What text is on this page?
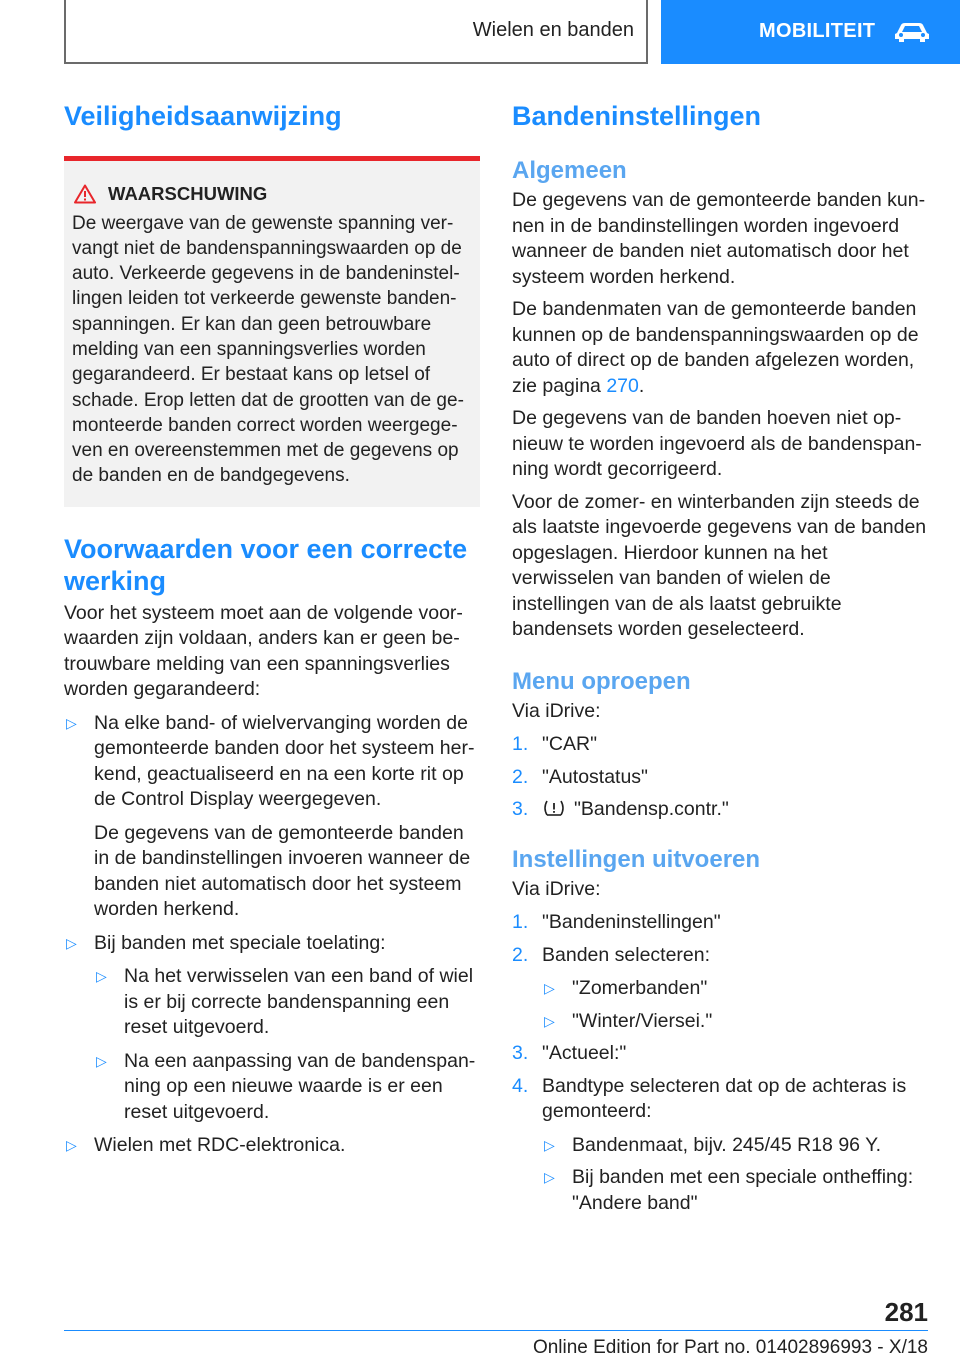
Wielen en banden	MOBILITEIT
Veiligheidsaanwijzing
WAARSCHUWING

De weergave van de gewenste spanning vervangt niet de bandenspanningswaarden op de auto. Verkeerde gegevens in de bandeninstellingen leiden tot verkeerde gewenste bandenspanningen. Er kan dan geen betrouwbare melding van een spanningsverlies worden gegarandeerd. Er bestaat kans op letsel of schade. Erop letten dat de grootten van de gemonteerde banden correct worden weergegeven en overeenstemmen met de gegevens op de banden en de bandgegevens.

Voorwaarden voor een correcte werking

Voor het systeem moet aan de volgende voorwaarden zijn voldaan, anders kan er geen betrouwbare melding van een spanningsverlies worden gegarandeerd:

▷ Na elke band- of wielvervanging worden de gemonteerde banden door het systeem herkend, geactualiseerd en na een korte rit op de Control Display weergegeven.

De gegevens van de gemonteerde banden in de bandinstellingen invoeren wanneer de banden niet automatisch door het systeem worden herkend.

▷ Bij banden met speciale toelating:

▷ Na het verwisselen van een band of wiel is er bij correcte bandenspanning een reset uitgevoerd.

▷ Na een aanpassing van de bandenspanning op een nieuwe waarde is er een reset uitgevoerd.

▷ Wielen met RDC-elektronica.

Bandeninstellingen
Algemeen

De gegevens van de gemonteerde banden kunnen in de bandinstellingen worden ingevoerd wanneer de banden niet automatisch door het systeem worden herkend.

De bandenmaten van de gemonteerde banden kunnen op de bandenspanningswaarden op de auto of direct op de banden afgelezen worden, zie pagina 270.

De gegevens van de banden hoeven niet opnieuw te worden ingevoerd als de bandenspanning wordt gecorrigeerd.

Voor de zomer- en winterbanden zijn steeds de als laatste ingevoerde gegevens van de banden opgeslagen. Hierdoor kunnen na het verwisselen van banden of wielen de instellingen van de als laatst gebruikte bandensets worden geselecteerd.

Menu oproepen

Via iDrive:

1. "CAR"
2. "Autostatus"
3. "Bandensp.contr."
Instellingen uitvoeren

Via iDrive:

1. "Bandeninstellingen"
2. Banden selecteren:
▷ "Zomerbanden"
▷ "Winter/Viersei."
3. "Actueel:"
4. Bandtype selecteren dat op de achteras is gemonteerd:
▷ Bandenmaat, bijv. 245/45 R18 96 Y.
▷ Bij banden met een speciale ontheffing: "Andere band"
281
Online Edition for Part no. 01402896993 - X/18
